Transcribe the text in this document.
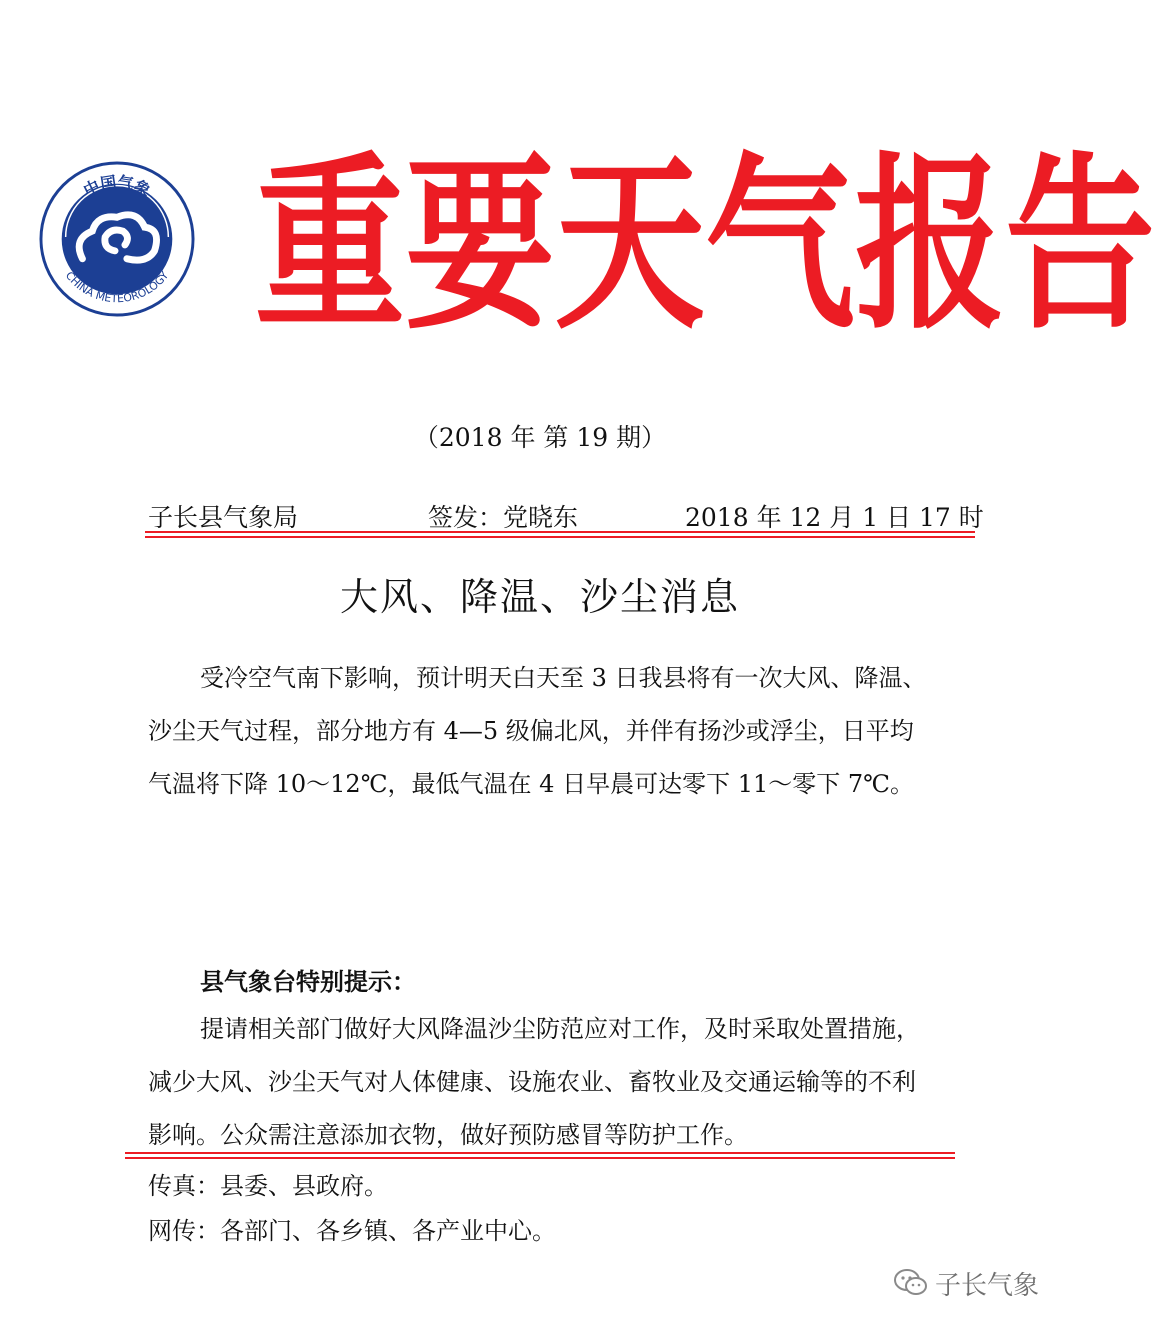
中国气象
CHINA METEOROLOGY 重 要 天 气 报 告
（2018 年 第 19 期）
子长县气象局	签发：党晓东	2018 年 12 月 1 日 17 时
大风、降温、沙尘消息

受冷空气南下影响，预计明天白天至 3 日我县将有一次大风、降温、

沙尘天气过程，部分地方有 4—5 级偏北风，并伴有扬沙或浮尘，日平均

气温将下降 10～12℃，最低气温在 4 日早晨可达零下 11～零下 7℃。

县气象台特别提示：

提请相关部门做好大风降温沙尘防范应对工作，及时采取处置措施，

减少大风、沙尘天气对人体健康、设施农业、畜牧业及交通运输等的不利

影响。公众需注意添加衣物，做好预防感冒等防护工作。

传真：县委、县政府。
网传：各部门、各乡镇、各产业中心。
子长气象
